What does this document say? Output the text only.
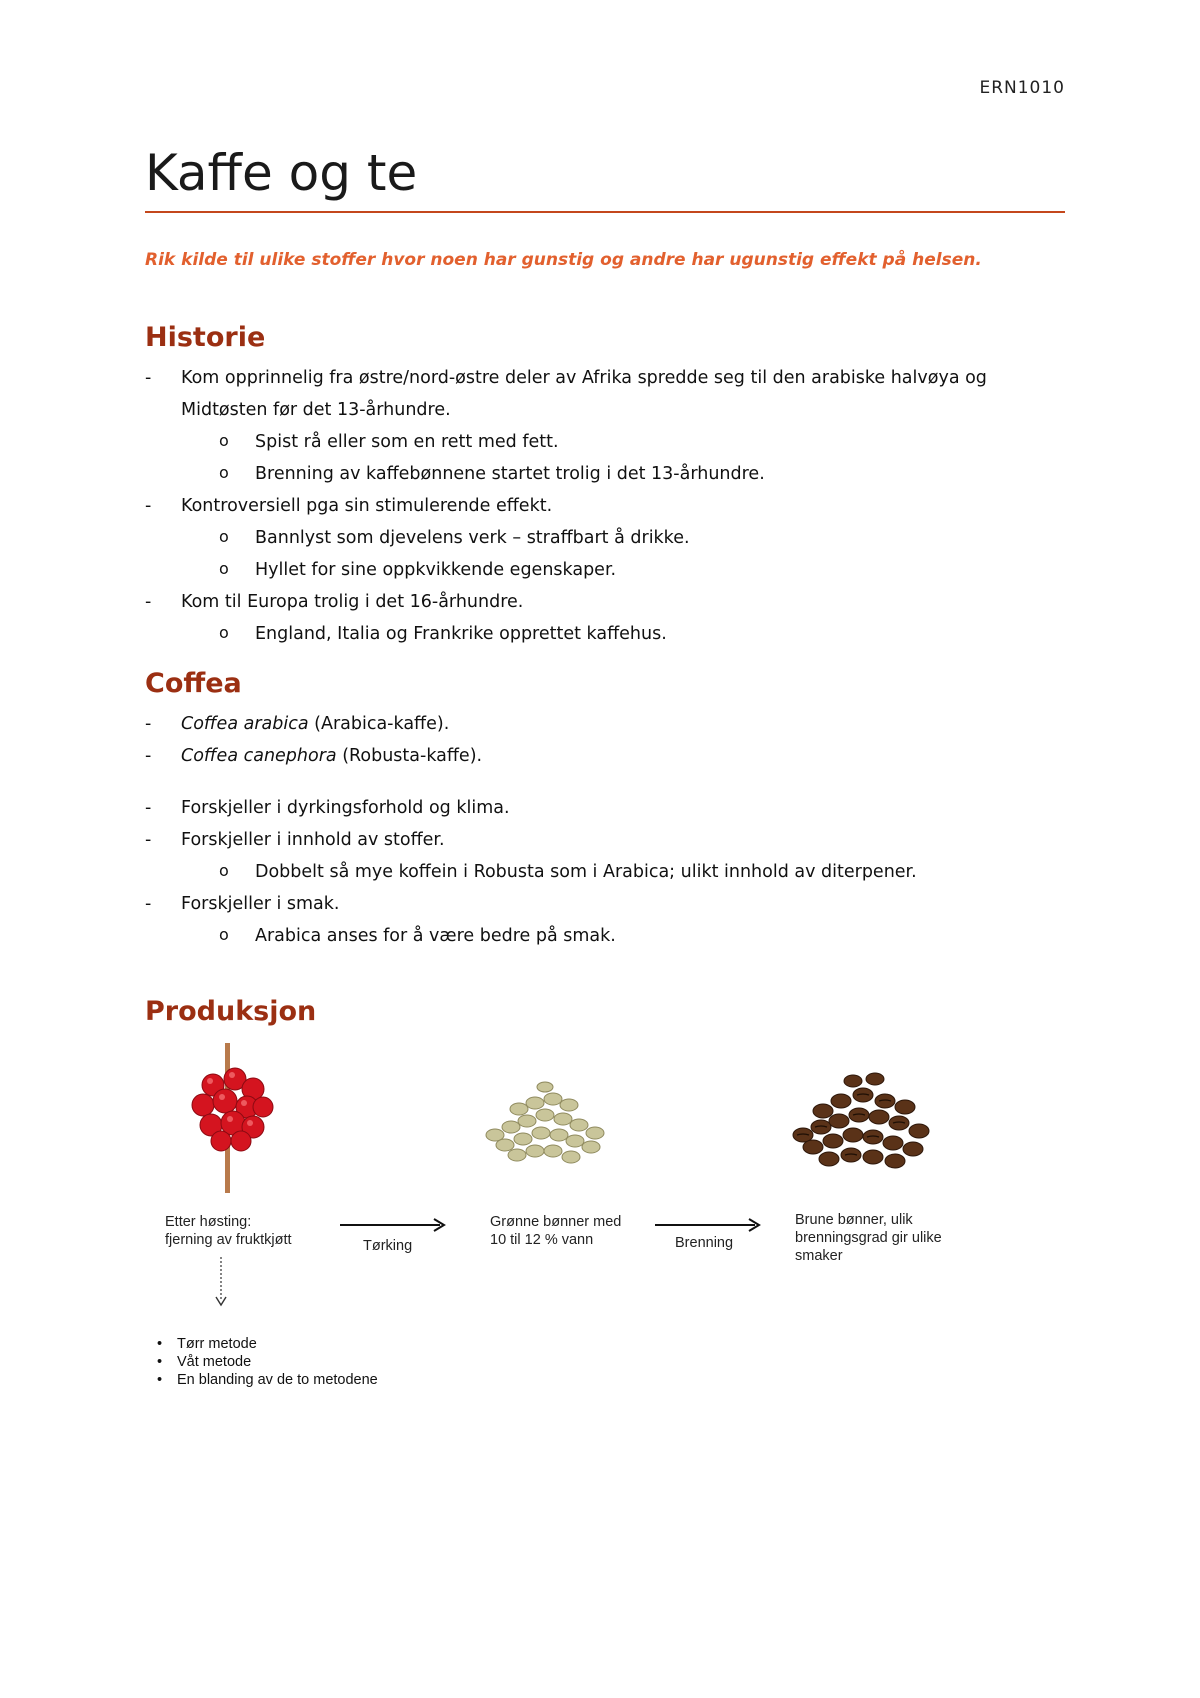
ERN1010
Kaffe og te
Rik kilde til ulike stoffer hvor noen har gunstig og andre har ugunstig effekt på helsen.
Historie
- Kom opprinnelig fra østre/nord-østre deler av Afrika spredde seg til den arabiske halvøya og Midtøsten før det 13-århundre.
o Spist rå eller som en rett med fett.
o Brenning av kaffebønnene startet trolig i det 13-århundre.
- Kontroversiell pga sin stimulerende effekt.
o Bannlyst som djevelens verk – straffbart å drikke.
o Hyllet for sine oppkvikkende egenskaper.
- Kom til Europa trolig i det 16-århundre.
o England, Italia og Frankrike opprettet kaffehus.
Coffea
- Coffea arabica (Arabica-kaffe).
- Coffea canephora (Robusta-kaffe).
- Forskjeller i dyrkingsforhold og klima.
- Forskjeller i innhold av stoffer.
o Dobbelt så mye koffein i Robusta som i Arabica; ulikt innhold av diterpener.
- Forskjeller i smak.
o Arabica anses for å være bedre på smak.
Produksjon
Etter høsting:
fjerning av fruktkjøtt	Tørking
Grønne bønner med
10 til 12 % vann	Brenning
Brune bønner, ulik
brenningsgrad gir ulike
smaker
• Tørr metode
• Våt metode
• En blanding av de to metodene
